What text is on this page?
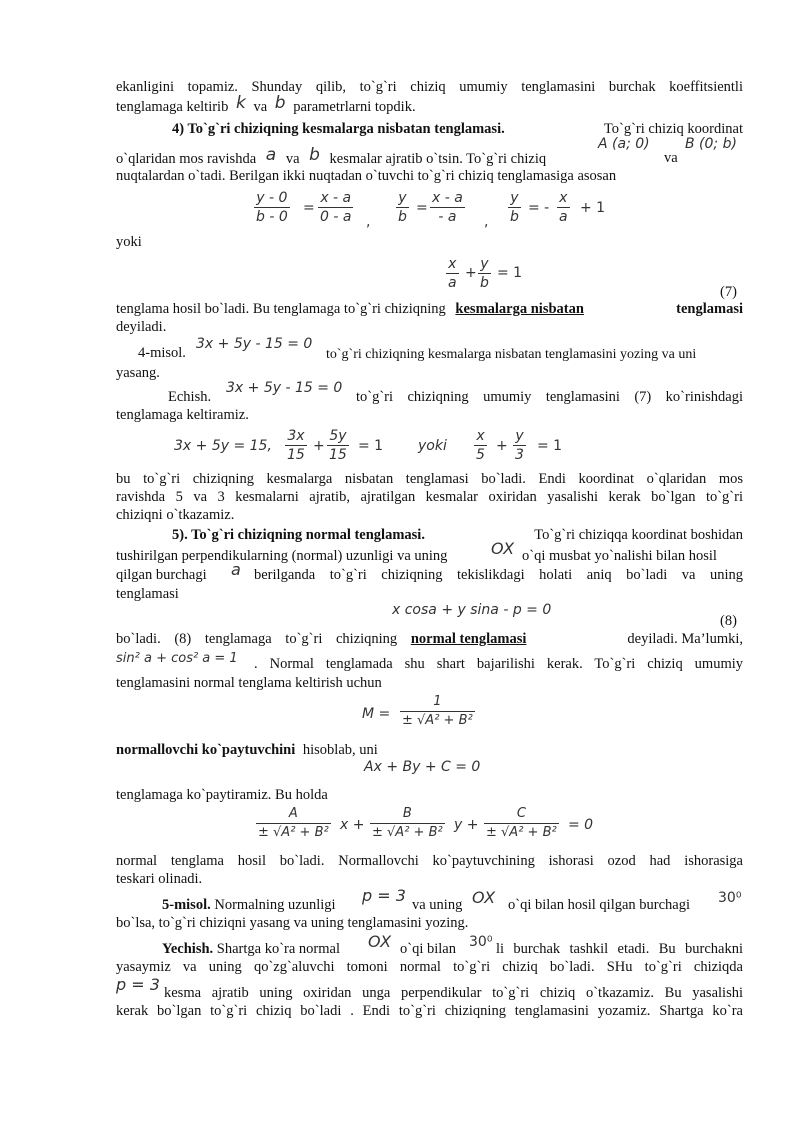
ekanligini topamiz. Shunday qilib, to`g`ri chiziq umumiy tenglamasini burchak koeffitsientli
tenglamaga keltirib k va b parametrlarni topdik.
4) To`g`ri chiziqning kesmalarga nisbatan tenglamasi.	To`g`ri chiziq koordinat
o`qlaridan mos ravishda a va b kesmalar ajratib o`tsin. To`g`ri chiziq
A (a; 0)
va
B (0; b)
nuqtalardan o`tadi. Berilgan ikki nuqtadan o`tuvchi to`g`ri chiziq tenglamasiga asosan
y - 0
b - 0
=
x - a
0 - a ,
y
b
=
x - a
- a	,
y
b
= -
x
a
+ 1
yoki
x
a
+
y
b
= 1
(7)
tenglama hosil bo`ladi. Bu tenglamaga to`g`ri chiziqning kesmalarga nisbatan	tenglamasi
deyiladi.
4-misol.
3x + 5y - 15 = 0
to`g`ri chiziqning kesmalarga nisbatan tenglamasini yozing va uni
yasang.
Echish.
3x + 5y - 15 = 0
to`g`ri chiziqning umumiy tenglamasini (7) ko`rinishdagi
tenglamaga keltiramiz.
3x + 5y = 15,
3x
15
+
5y
15
= 1 yoki
x
5
+
y
3
= 1
bu to`g`ri chiziqning kesmalarga nisbatan tenglamasi bo`ladi. Endi koordinat o`qlaridan mos
ravishda 5 va 3 kesmalarni ajratib, ajratilgan kesmalar oxiridan yasalishi kerak bo`lgan to`g`ri
chiziqni o`tkazamiz.
5). To`g`ri chiziqning normal tenglamasi.	To`g`ri chiziqqa koordinat boshidan
tushirilgan perpendikularning (normal) uzunligi va uning	OX o`qi musbat yo`nalishi bilan hosil
qilgan burchagi	a berilganda to`g`ri chiziqning tekislikdagi holati aniq bo`ladi va uning
tenglamasi
x cosa + y sina - p = 0
(8)
bo`ladi. (8) tenglamaga to`g`ri chiziqning normal tenglamasi	deyiladi. Ma’lumki,
sin² a + cos² a = 1 . Normal tenglamada shu shart bajarilishi kerak. To`g`ri chiziq umumiy
tenglamasini normal tenglama keltirish uchun
M =
1
± √A² + B²
normallovchi ko`paytuvchini hisoblab, uni
Ax + By + C = 0
tenglamaga ko`paytiramiz. Bu holda
A
± √A² + B² x +
B
± √A² + B² y +
C
± √A² + B² = 0
normal tenglama hosil bo`ladi. Normallovchi ko`paytuvchining ishorasi ozod had ishorasiga
teskari olinadi.
5-misol. Normalning uzunligi	p = 3 va uning OX o`qi bilan hosil qilgan burchagi	30⁰
bo`lsa, to`g`ri chiziqni yasang va uning tenglamasini yozing.
Yechish. Shartga ko`ra normal	OX o`qi bilan 30⁰ li burchak tashkil etadi. Bu burchakni
yasaymiz va uning qo`zg`aluvchi tomoni normal to`g`ri chiziq bo`ladi. SHu to`g`ri chiziqda
p = 3 kesma ajratib uning oxiridan unga perpendikular to`g`ri chiziq o`tkazamiz. Bu yasalishi
kerak bo`lgan to`g`ri chiziq bo`ladi . Endi to`g`ri chiziqning tenglamasini yozamiz. Shartga ko`ra
